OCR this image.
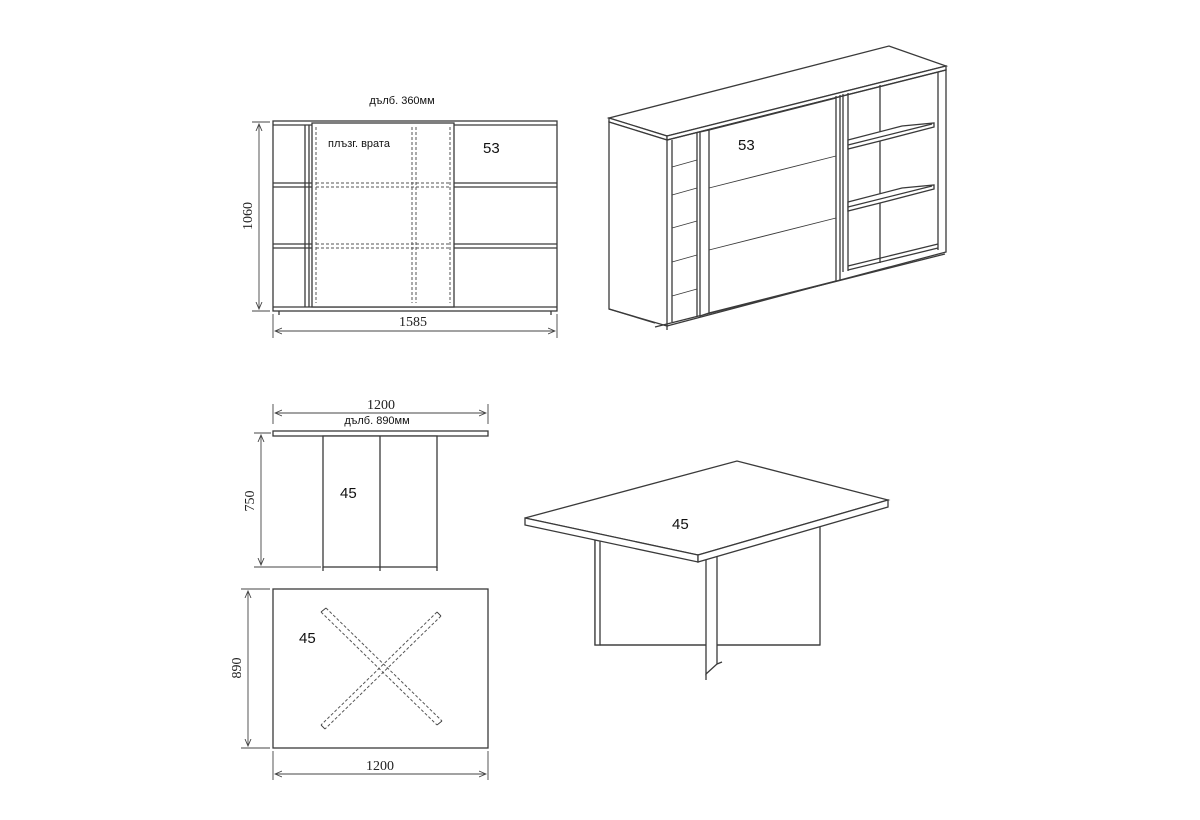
дълб. 360мм
плъзг. врата	53
1060
1585
53
1200
дълб. 890мм
45
750
45
890
1200
45
